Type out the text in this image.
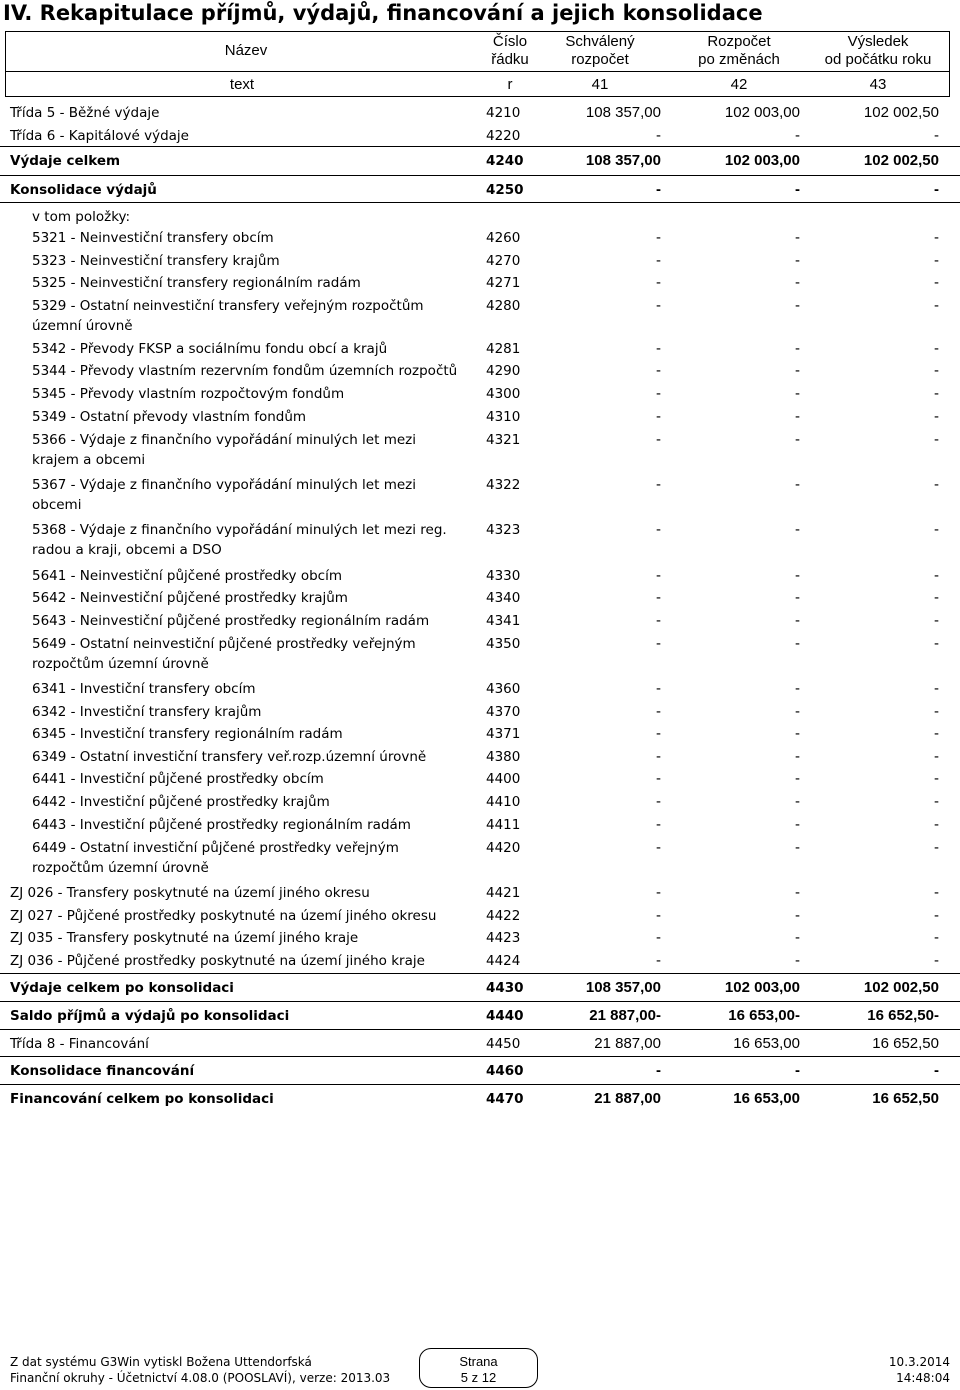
IV. Rekapitulace příjmů, výdajů, financování a jejich konsolidace
Název
Číslo
řádku
Schválený
rozpočet
Rozpočet
po změnách
Výsledek
od počátku roku
text	r	41	42	43
Třída 5 - Běžné výdaje	4210	108 357,00	102 003,00	102 002,50
Třída 6 - Kapitálové výdaje	4220	-	-	-
Výdaje celkem	4240	108 357,00	102 003,00	102 002,50
Konsolidace výdajů	4250	-	-	-
v tom položky:
5321 - Neinvestiční transfery obcím	4260	-	-	-
5323 - Neinvestiční transfery krajům	4270	-	-	-
5325 - Neinvestiční transfery regionálním radám	4271	-	-	-
5329 - Ostatní neinvestiční transfery veřejným rozpočtům
územní úrovně
4280	-	-	-
5342 - Převody FKSP a sociálnímu fondu obcí a krajů	4281	-	-	-
5344 - Převody vlastním rezervním fondům územních rozpočtů 4290	-	-	-
5345 - Převody vlastním rozpočtovým fondům	4300	-	-	-
5349 - Ostatní převody vlastním fondům	4310	-	-	-
5366 - Výdaje z finančního vypořádání minulých let mezi
krajem a obcemi
4321	-	-	-
5367 - Výdaje z finančního vypořádání minulých let mezi
obcemi
4322	-	-	-
5368 - Výdaje z finančního vypořádání minulých let mezi reg.
radou a kraji, obcemi a DSO
4323	-	-	-
5641 - Neinvestiční půjčené prostředky obcím	4330	-	-	-
5642 - Neinvestiční půjčené prostředky krajům	4340	-	-	-
5643 - Neinvestiční půjčené prostředky regionálním radám	4341	-	-	-
5649 - Ostatní neinvestiční půjčené prostředky veřejným
rozpočtům územní úrovně
4350	-	-	-
6341 - Investiční transfery obcím	4360	-	-	-
6342 - Investiční transfery krajům	4370	-	-	-
6345 - Investiční transfery regionálním radám	4371	-	-	-
6349 - Ostatní investiční transfery veř.rozp.územní úrovně	4380	-	-	-
6441 - Investiční půjčené prostředky obcím	4400	-	-	-
6442 - Investiční půjčené prostředky krajům	4410	-	-	-
6443 - Investiční půjčené prostředky regionálním radám	4411	-	-	-
6449 - Ostatní investiční půjčené prostředky veřejným
rozpočtům územní úrovně
4420	-	-	-
ZJ 026 - Transfery poskytnuté na území jiného okresu	4421	-	-	-
ZJ 027 - Půjčené prostředky poskytnuté na území jiného okresu	4422	-	-	-
ZJ 035 - Transfery poskytnuté na území jiného kraje	4423	-	-	-
ZJ 036 - Půjčené prostředky poskytnuté na území jiného kraje	4424	-	-	-
Výdaje celkem po konsolidaci	4430	108 357,00	102 003,00	102 002,50
Saldo příjmů a výdajů po konsolidaci	4440	21 887,00-	16 653,00-	16 652,50-
Třída 8 - Financování	4450	21 887,00	16 653,00	16 652,50
Konsolidace financování	4460	-	-	-
Financování celkem po konsolidaci	4470	21 887,00	16 653,00	16 652,50
Z dat systému G3Win vytiskl Božena Uttendorfská
Finanční okruhy - Účetnictví 4.08.0 (POOSLAVÍ), verze: 2013.03
Strana
5 z 12
10.3.2014
14:48:04
